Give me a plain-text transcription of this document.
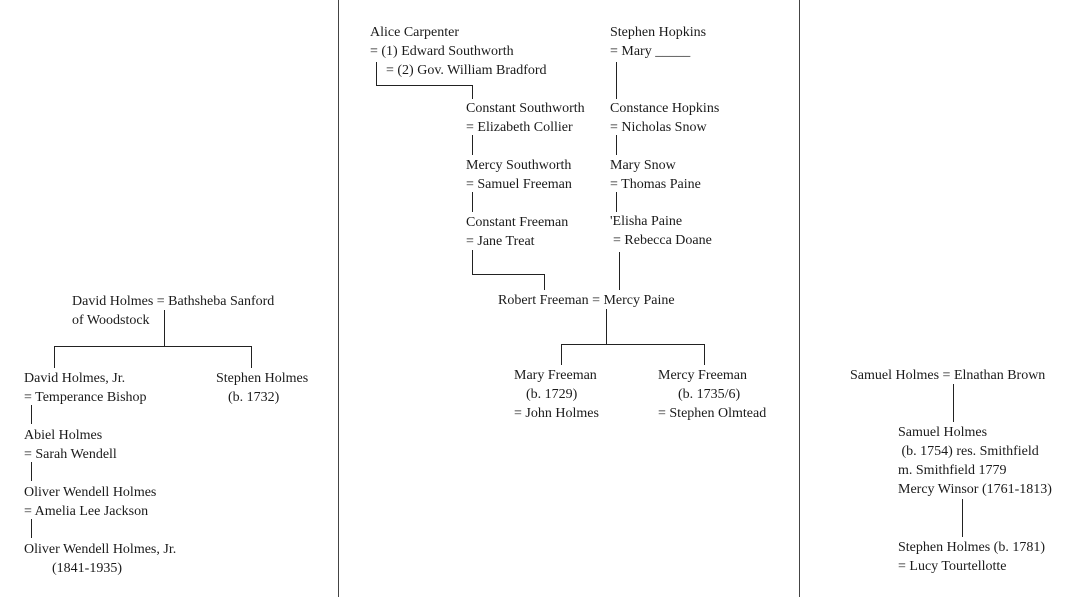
David Holmes = Bathsheba Sanford
of Woodstock
David Holmes, Jr.
= Temperance Bishop
Stephen Holmes
(b. 1732)
Abiel Holmes
= Sarah Wendell
Oliver Wendell Holmes
= Amelia Lee Jackson
Oliver Wendell Holmes, Jr.
(1841-1935)
Alice Carpenter
= (1) Edward Southworth
= (2) Gov. William Bradford
Stephen Hopkins
= Mary _____
Constant Southworth
= Elizabeth Collier
Constance Hopkins
= Nicholas Snow
Mercy Southworth
= Samuel Freeman
Mary Snow
= Thomas Paine
Constant Freeman
= Jane Treat
'Elisha Paine
= Rebecca Doane
Robert Freeman = Mercy Paine
Mary Freeman
(b. 1729)
= John Holmes
Mercy Freeman
(b. 1735/6)
= Stephen Olmtead
Samuel Holmes = Elnathan Brown
Samuel Holmes
(b. 1754) res. Smithfield
m. Smithfield 1779
Mercy Winsor (1761-1813)
Stephen Holmes (b. 1781)
= Lucy Tourtellotte
